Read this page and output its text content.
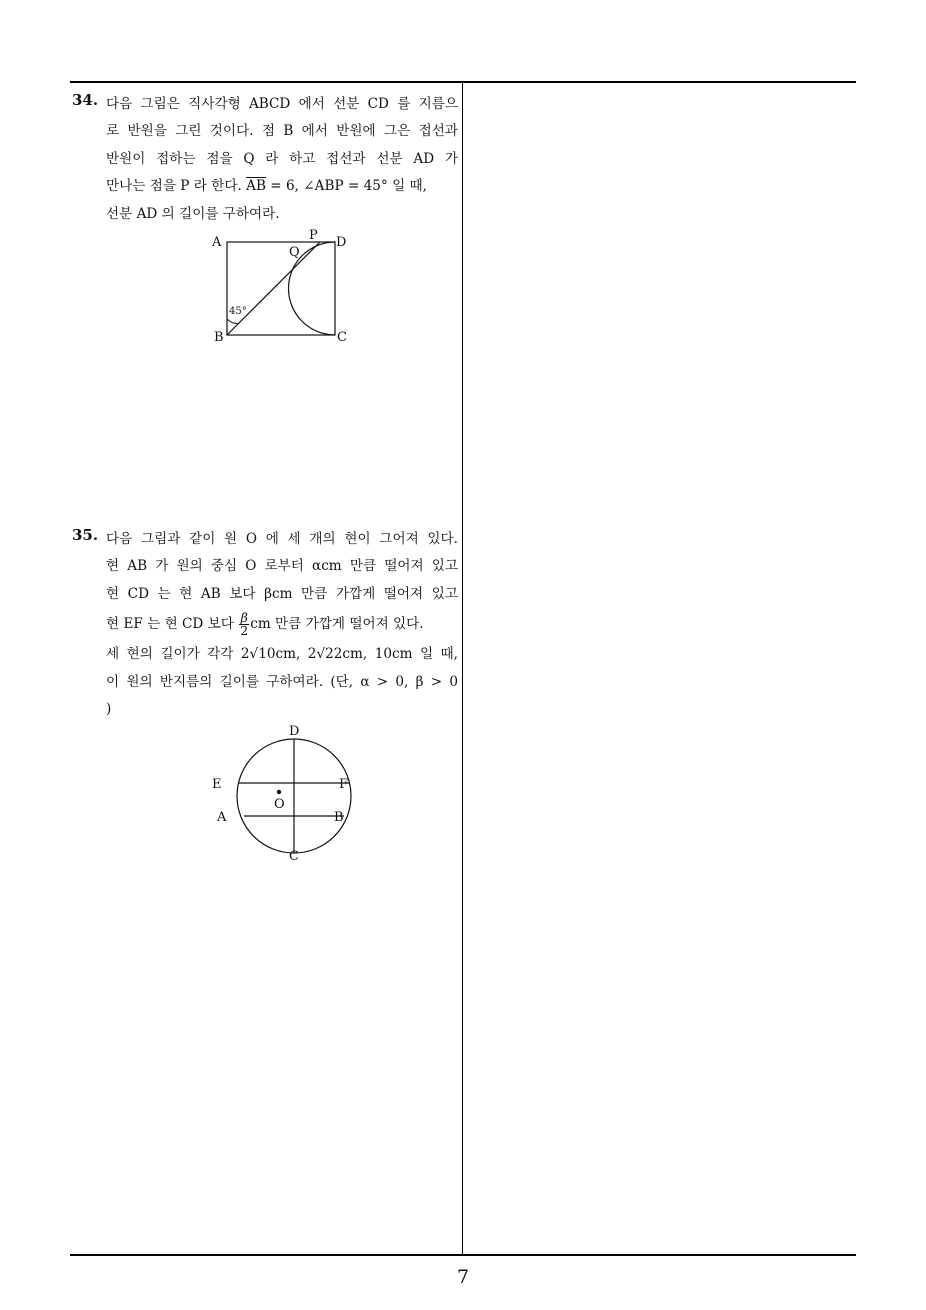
34. 다음 그림은 직사각형 ABCD 에서 선분 CD 를 지름으
로 반원을 그린 것이다. 점 B 에서 반원에 그은 접선과
반원이 접하는 점을 Q 라 하고 접선과 선분 AD 가
만나는 점을 P 라 한다. $\overline{AB} = 6$, ∠ABP = 45° 일 때,
선분 AD 의 길이를 구하여라.
A	D
P
Q
B	C
45°
35. 다음 그림과 같이 원 O 에 세 개의 현이 그어져 있다.
현 AB 가 원의 중심 O 로부터 αcm 만큼 떨어져 있고
현 CD 는 현 AB 보다 βcm 만큼 가깝게 떨어져 있고
현 EF 는 현 CD 보다 $\frac{\beta}{2}$ cm 만큼 가깝게 떨어져 있다.
세 현의 길이가 각각 2√10cm, 2√22cm, 10cm 일 때,
이 원의 반지름의 길이를 구하여라. (단, α > 0, β > 0
)
D
E	F
O
A	B
C
7
